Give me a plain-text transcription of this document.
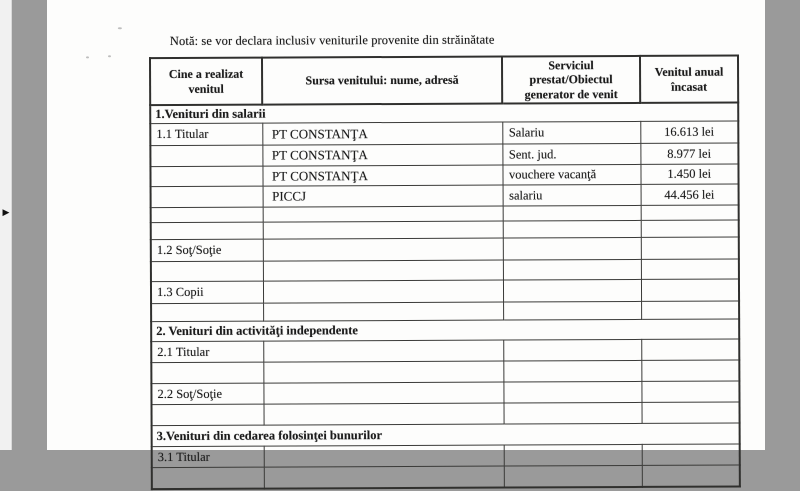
▶
Notă: se vor declara inclusiv veniturile provenite din străinătate
Cine a realizat venitul	Sursa venitului: nume, adresă	Serviciul prestat/Obiectul generator de venit	Venitul anual încasat
1.Venituri din salarii			
1.1 Titular	PT CONSTANŢA	Salariu	16.613 lei
	PT CONSTANŢA	Sent. jud.	8.977 lei
	PT CONSTANŢA	vouchere vacanţă	1.450 lei
	PICCJ	salariu	44.456 lei

1.2 Soţ/Soţie			

1.3 Copii			

2. Venituri din activităţi independente			
2.1 Titular			

2.2 Soţ/Soţie			

3.Venituri din cedarea folosinţei bunurilor			
3.1 Titular			
